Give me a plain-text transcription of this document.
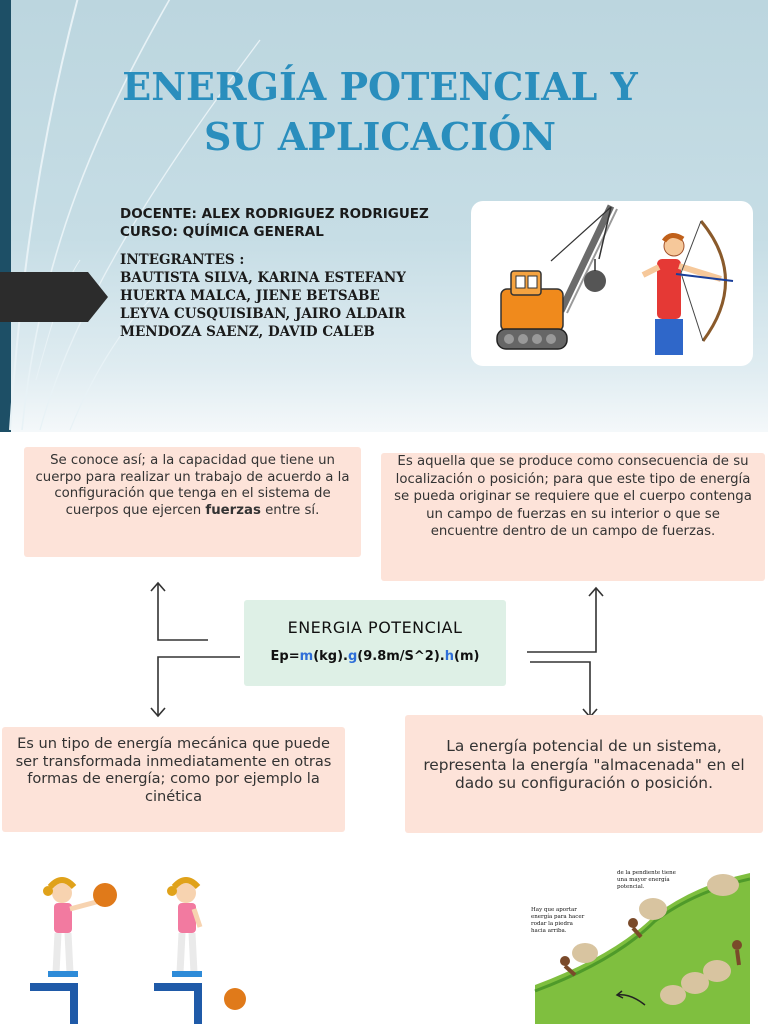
ENERGÍA POTENCIAL Y
SU APLICACIÓN

DOCENTE: ALEX RODRIGUEZ RODRIGUEZ

CURSO: QUÍMICA GENERAL

INTEGRANTES :

BAUTISTA SILVA, KARINA ESTEFANY

HUERTA MALCA, JIENE BETSABE

LEYVA CUSQUISIBAN, JAIRO ALDAIR

MENDOZA SAENZ, DAVID CALEB

Se conoce así; a la capacidad que tiene un cuerpo para realizar un trabajo de acuerdo a la configuración que tenga en el sistema de cuerpos que ejercen fuerzas entre sí.

Es aquella que se produce como consecuencia de su localización o posición; para que este tipo de energía se pueda originar se requiere que el cuerpo contenga un campo de fuerzas en su interior o que se encuentre dentro de un campo de fuerzas.

ENERGIA POTENCIAL

Ep=m(kg).g(9.8m/S^2).h(m)

Es un tipo de energía mecánica que puede ser transformada inmediatamente en otras formas de energía; como por ejemplo la cinética

La energía potencial de un sistema, representa la energía "almacenada" en el dado su configuración o posición.

de la pendiente tiene
una mayor energía
potencial.
Hay que aportar
energía para hacer
rodar la piedra
hacia arriba.
